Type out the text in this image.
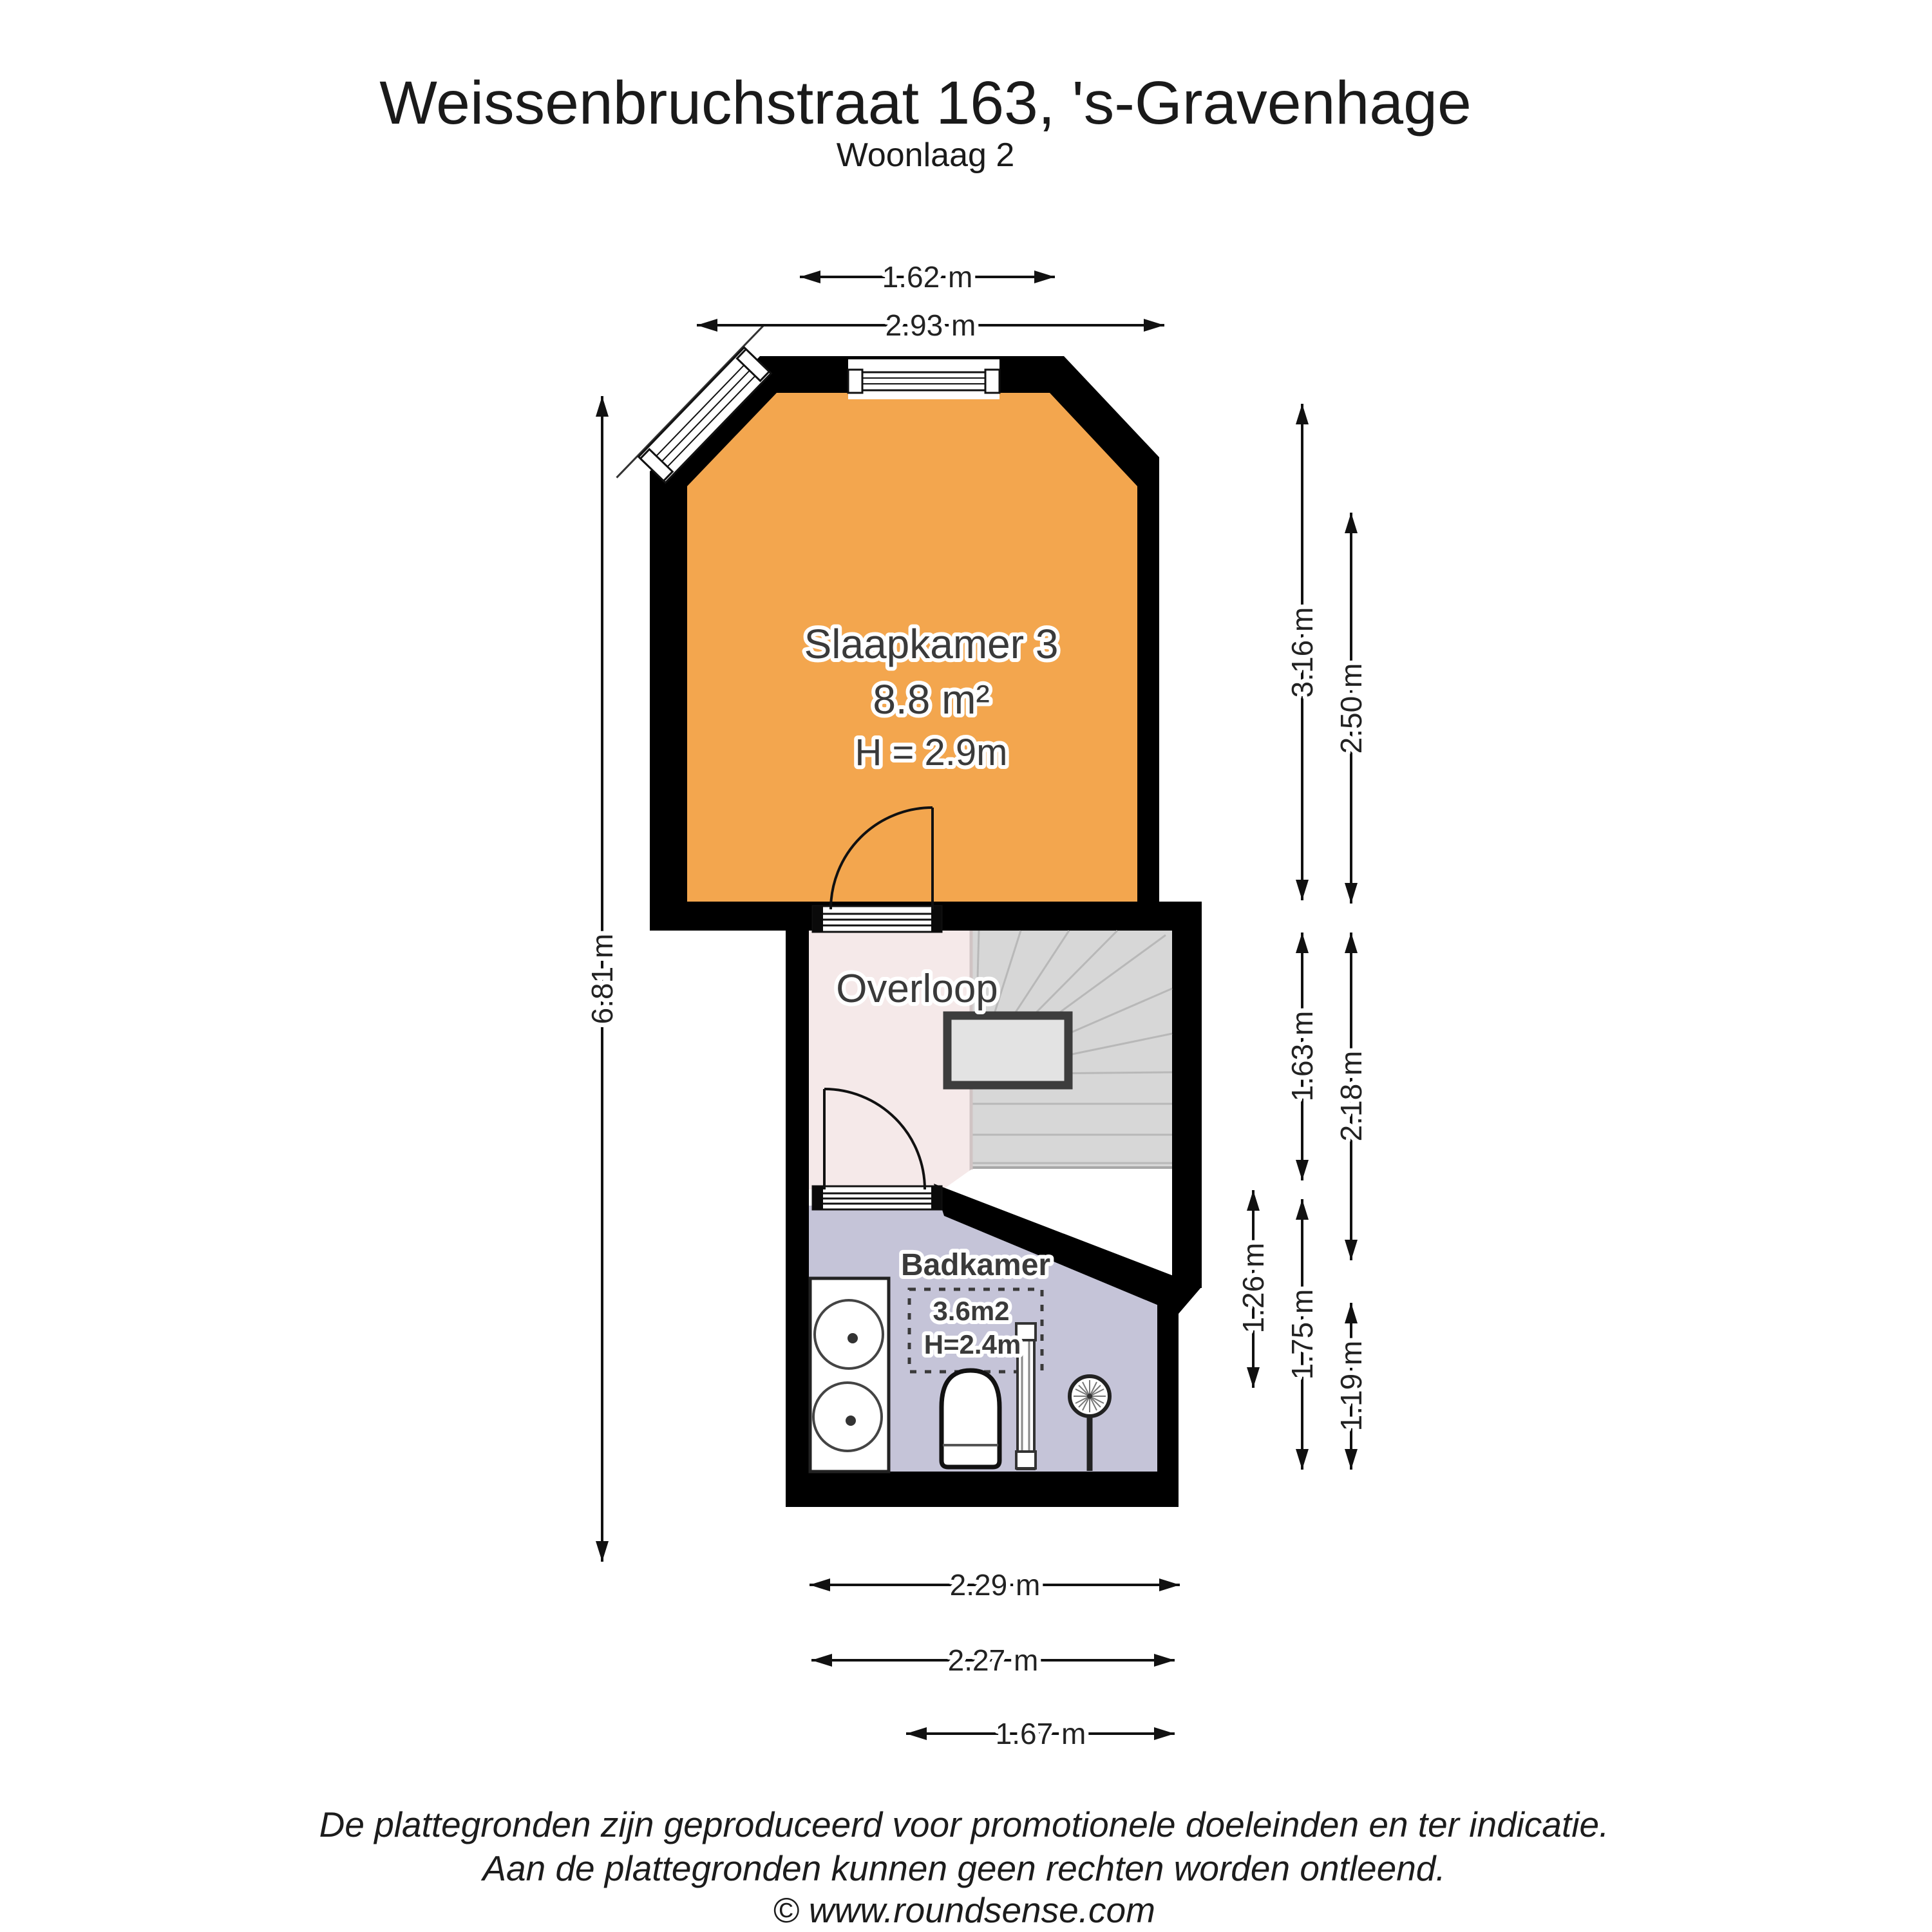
Weissenbruchstraat 163, 's-Gravenhage
Woonlaag 2
Slaapkamer 3
8.8 m²
H = 2.9m
Overloop
Badkamer
3.6m2
H=2.4m
1.62 m
2.93 m
6.81 m
3.16 m
1.63 m
1.75 m
2.50 m
2.18 m
1.19 m
1.26 m
2.29 m
2.27 m
1.67 m
De plattegronden zijn geproduceerd voor promotionele doeleinden en ter indicatie.
Aan de plattegronden kunnen geen rechten worden ontleend.
© www.roundsense.com
